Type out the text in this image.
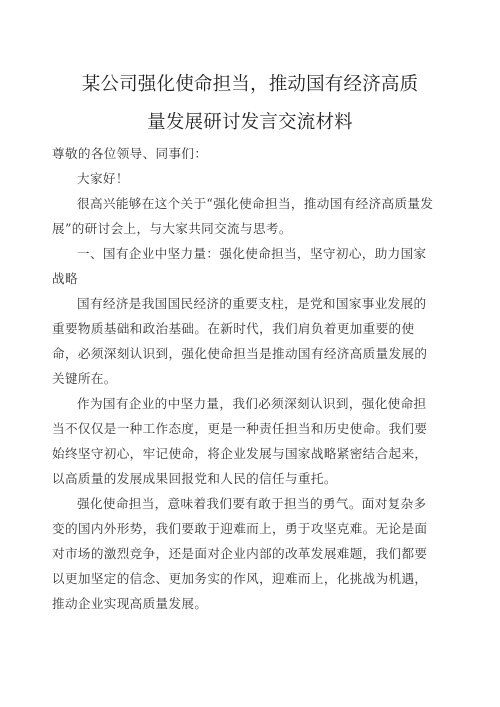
某公司强化使命担当，推动国有经济高质
量发展研讨发言交流材料

尊敬的各位领导、同事们：

大家好！

很高兴能够在这个关于“强化使命担当，推动国有经济高质量发展”的研讨会上，与大家共同交流与思考。

一、国有企业中坚力量：强化使命担当，坚守初心，助力国家战略

国有经济是我国国民经济的重要支柱，是党和国家事业发展的重要物质基础和政治基础。在新时代，我们肩负着更加重要的使命，必须深刻认识到，强化使命担当是推动国有经济高质量发展的关键所在。

作为国有企业的中坚力量，我们必须深刻认识到，强化使命担当不仅仅是一种工作态度，更是一种责任担当和历史使命。我们要始终坚守初心，牢记使命，将企业发展与国家战略紧密结合起来，以高质量的发展成果回报党和人民的信任与重托。

强化使命担当，意味着我们要有敢于担当的勇气。面对复杂多变的国内外形势，我们要敢于迎难而上，勇于攻坚克难。无论是面对市场的激烈竞争，还是面对企业内部的改革发展难题，我们都要以更加坚定的信念、更加务实的作风，迎难而上，化挑战为机遇，推动企业实现高质量发展。
